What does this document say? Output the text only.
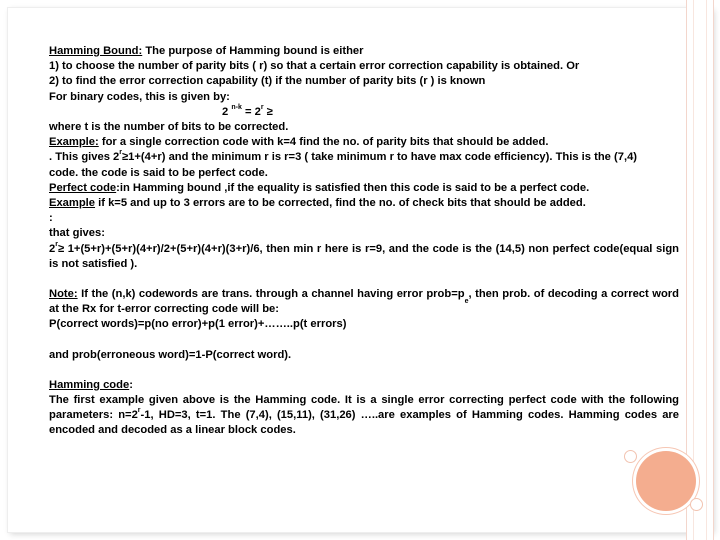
Hamming Bound: The purpose of Hamming bound is either

1) to choose the number of parity bits ( r) so that a certain error correction capability is obtained. Or

2) to find the error correction capability (t) if the number of parity bits (r ) is known

For binary codes, this is given by:

2 $^{n-k} = 2^r$ ≥

where t is the number of bits to be corrected.

Example: for a single correction code with k=4 find the no. of parity bits that should be added.

. This gives $2^r\ge 1+(4+r)$ and the minimum r is r=3 ( take minimum r to have max code efficiency). This is the (7,4)

code. the code is said to be perfect code.

Perfect code:in Hamming bound ,if the equality is satisfied then this code is said to be a perfect code.

Example if k=5 and up to 3 errors are to be corrected, find the no. of check bits that should be added.

:

that gives:

$2^r\ge 1+(5+r)+(5+r)(4+r)/2+(5+r)(4+r)(3+r)/6$, then min r here is r=9, and the code is the (14,5) non perfect code(equal sign is not satisfied ).

Note: If the (n,k) codewords are trans. through a channel having error prob=pe, then prob. of decoding a correct word at the Rx for t-error correcting code will be:

P(correct words)=p(no error)+p(1 error)+……..p(t errors)

and prob(erroneous word)=1-P(correct word).

Hamming code:

The first example given above is the Hamming code. It is a single error correcting perfect code with the following parameters: $n=2^r-1$, HD=3, t=1. The (7,4), (15,11), (31,26) …..are examples of Hamming codes. Hamming codes are encoded and decoded as a linear block codes.
